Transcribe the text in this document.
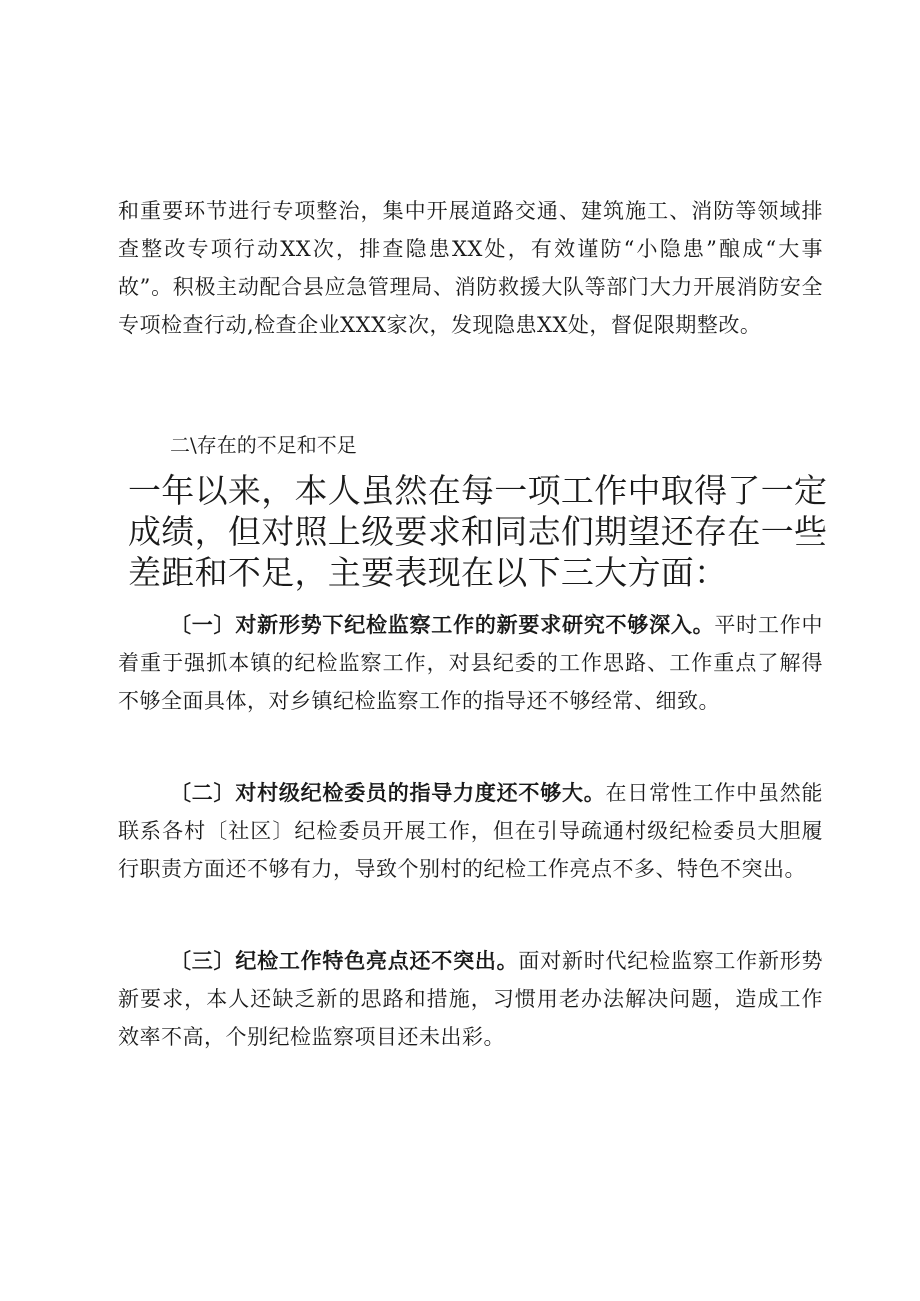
和重要环节进行专项整治，集中开展道路交通、建筑施工、消防等领域排查整改专项行动XX次，排查隐患XX处，有效谨防“小隐患”酿成“大事故”。积极主动配合县应急管理局、消防救援大队等部门大力开展消防安全专项检查行动,检查企业XXX家次，发现隐患XX处，督促限期整改。

二\存在的不足和不足

一年以来，本人虽然在每一项工作中取得了一定成绩，但对照上级要求和同志们期望还存在一些差距和不足，主要表现在以下三大方面：

〔一〕对新形势下纪检监察工作的新要求研究不够深入。平时工作中着重于强抓本镇的纪检监察工作，对县纪委的工作思路、工作重点了解得不够全面具体，对乡镇纪检监察工作的指导还不够经常、细致。

〔二〕对村级纪检委员的指导力度还不够大。在日常性工作中虽然能联系各村〔社区〕纪检委员开展工作，但在引导疏通村级纪检委员大胆履行职责方面还不够有力，导致个别村的纪检工作亮点不多、特色不突出。

〔三〕纪检工作特色亮点还不突出。面对新时代纪检监察工作新形势新要求，本人还缺乏新的思路和措施，习惯用老办法解决问题，造成工作效率不高，个别纪检监察项目还未出彩。
